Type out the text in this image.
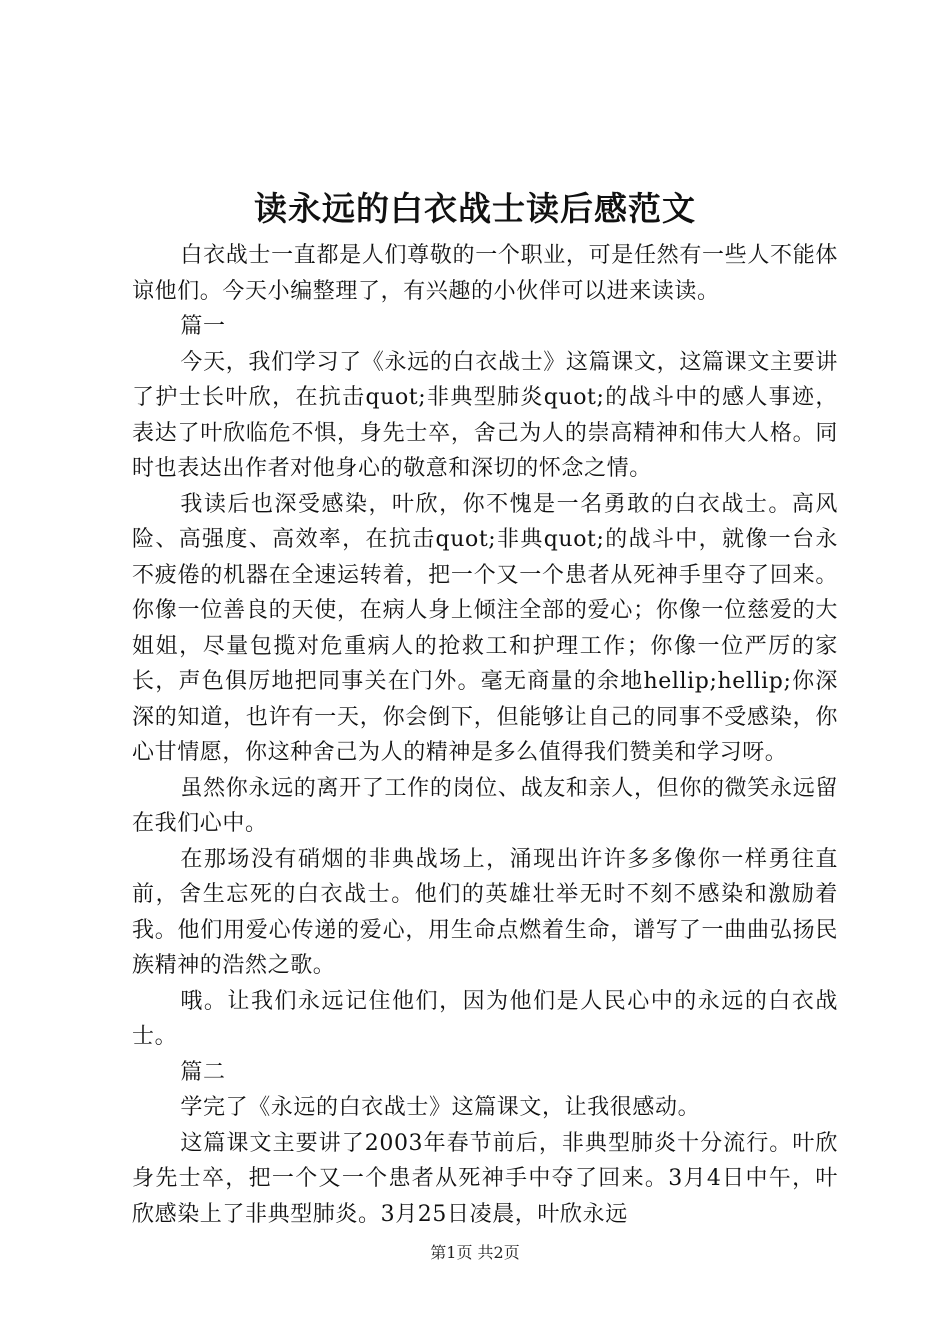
读永远的白衣战士读后感范文

白衣战士一直都是人们尊敬的一个职业，可是任然有一些人不能体谅他们。今天小编整理了，有兴趣的小伙伴可以进来读读。

篇一

今天，我们学习了《永远的白衣战士》这篇课文，这篇课文主要讲了护士长叶欣，在抗击quot;非典型肺炎quot;的战斗中的感人事迹，表达了叶欣临危不惧，身先士卒，舍己为人的崇高精神和伟大人格。同时也表达出作者对他身心的敬意和深切的怀念之情。

我读后也深受感染，叶欣，你不愧是一名勇敢的白衣战士。高风险、高强度、高效率，在抗击quot;非典quot;的战斗中，就像一台永不疲倦的机器在全速运转着，把一个又一个患者从死神手里夺了回来。你像一位善良的天使，在病人身上倾注全部的爱心；你像一位慈爱的大姐姐，尽量包揽对危重病人的抢救工和护理工作；你像一位严厉的家长，声色俱厉地把同事关在门外。毫无商量的余地hellip;hellip;你深深的知道，也许有一天，你会倒下，但能够让自己的同事不受感染，你心甘情愿，你这种舍己为人的精神是多么值得我们赞美和学习呀。

虽然你永远的离开了工作的岗位、战友和亲人，但你的微笑永远留在我们心中。

在那场没有硝烟的非典战场上，涌现出许许多多像你一样勇往直前，舍生忘死的白衣战士。他们的英雄壮举无时不刻不感染和激励着我。他们用爱心传递的爱心，用生命点燃着生命，谱写了一曲曲弘扬民族精神的浩然之歌。

哦。让我们永远记住他们，因为他们是人民心中的永远的白衣战士。

篇二

学完了《永远的白衣战士》这篇课文，让我很感动。

这篇课文主要讲了2003年春节前后，非典型肺炎十分流行。叶欣身先士卒，把一个又一个患者从死神手中夺了回来。3月4日中午，叶欣感染上了非典型肺炎。3月25日凌晨，叶欣永远

第1页 共2页
